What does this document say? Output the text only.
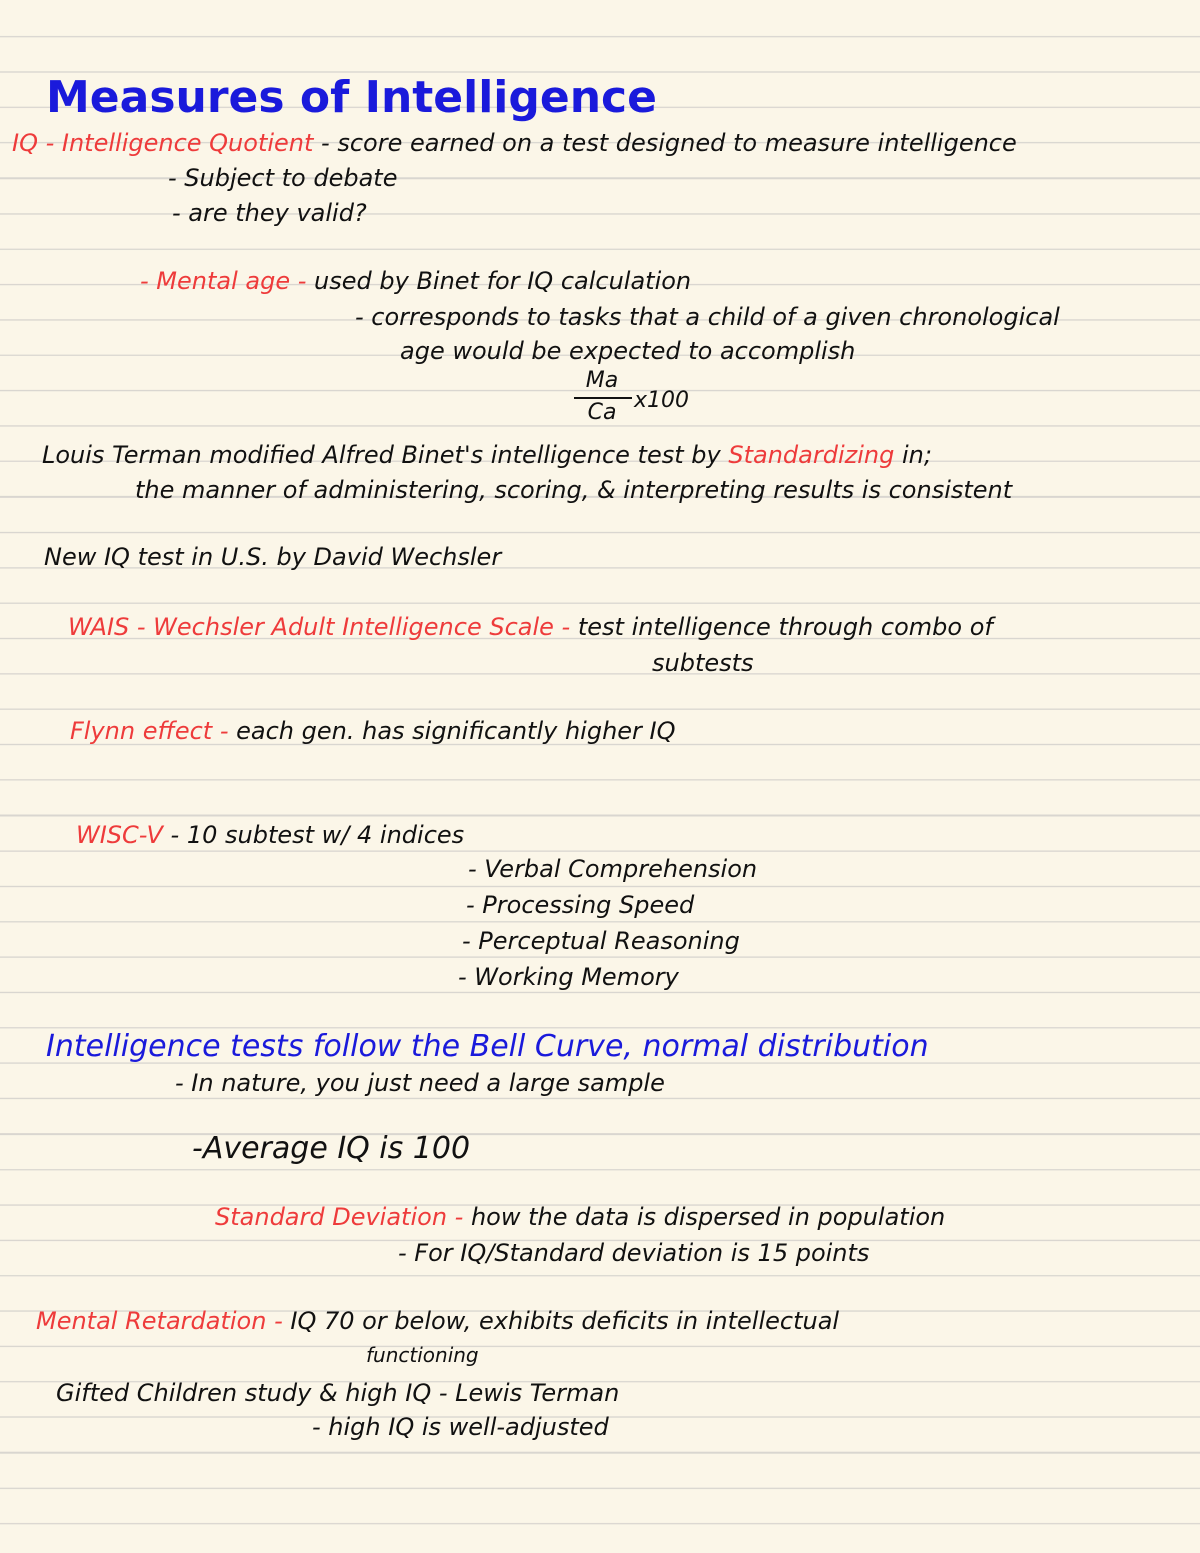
Measures of Intelligence
IQ - Intelligence Quotient - score earned on a test designed to measure intelligence
- Subject to debate
- are they valid?
- Mental age - used by Binet for IQ calculation
- corresponds to tasks that a child of a given chronological
age would be expected to accomplish
Ma
Ca x100
Louis Terman modified Alfred Binet's intelligence test by Standardizing in;
the manner of administering, scoring, & interpreting results is consistent
New IQ test in U.S. by David Wechsler
WAIS - Wechsler Adult Intelligence Scale - test intelligence through combo of
subtests
Flynn effect - each gen. has significantly higher IQ
WISC-V - 10 subtest w/ 4 indices
- Verbal Comprehension
- Processing Speed
- Perceptual Reasoning
- Working Memory
Intelligence tests follow the Bell Curve, normal distribution
- In nature, you just need a large sample
-Average IQ is 100
Standard Deviation - how the data is dispersed in population
- For IQ/Standard deviation is 15 points
Mental Retardation - IQ 70 or below, exhibits deficits in intellectual
functioning
Gifted Children study & high IQ - Lewis Terman
- high IQ is well-adjusted
